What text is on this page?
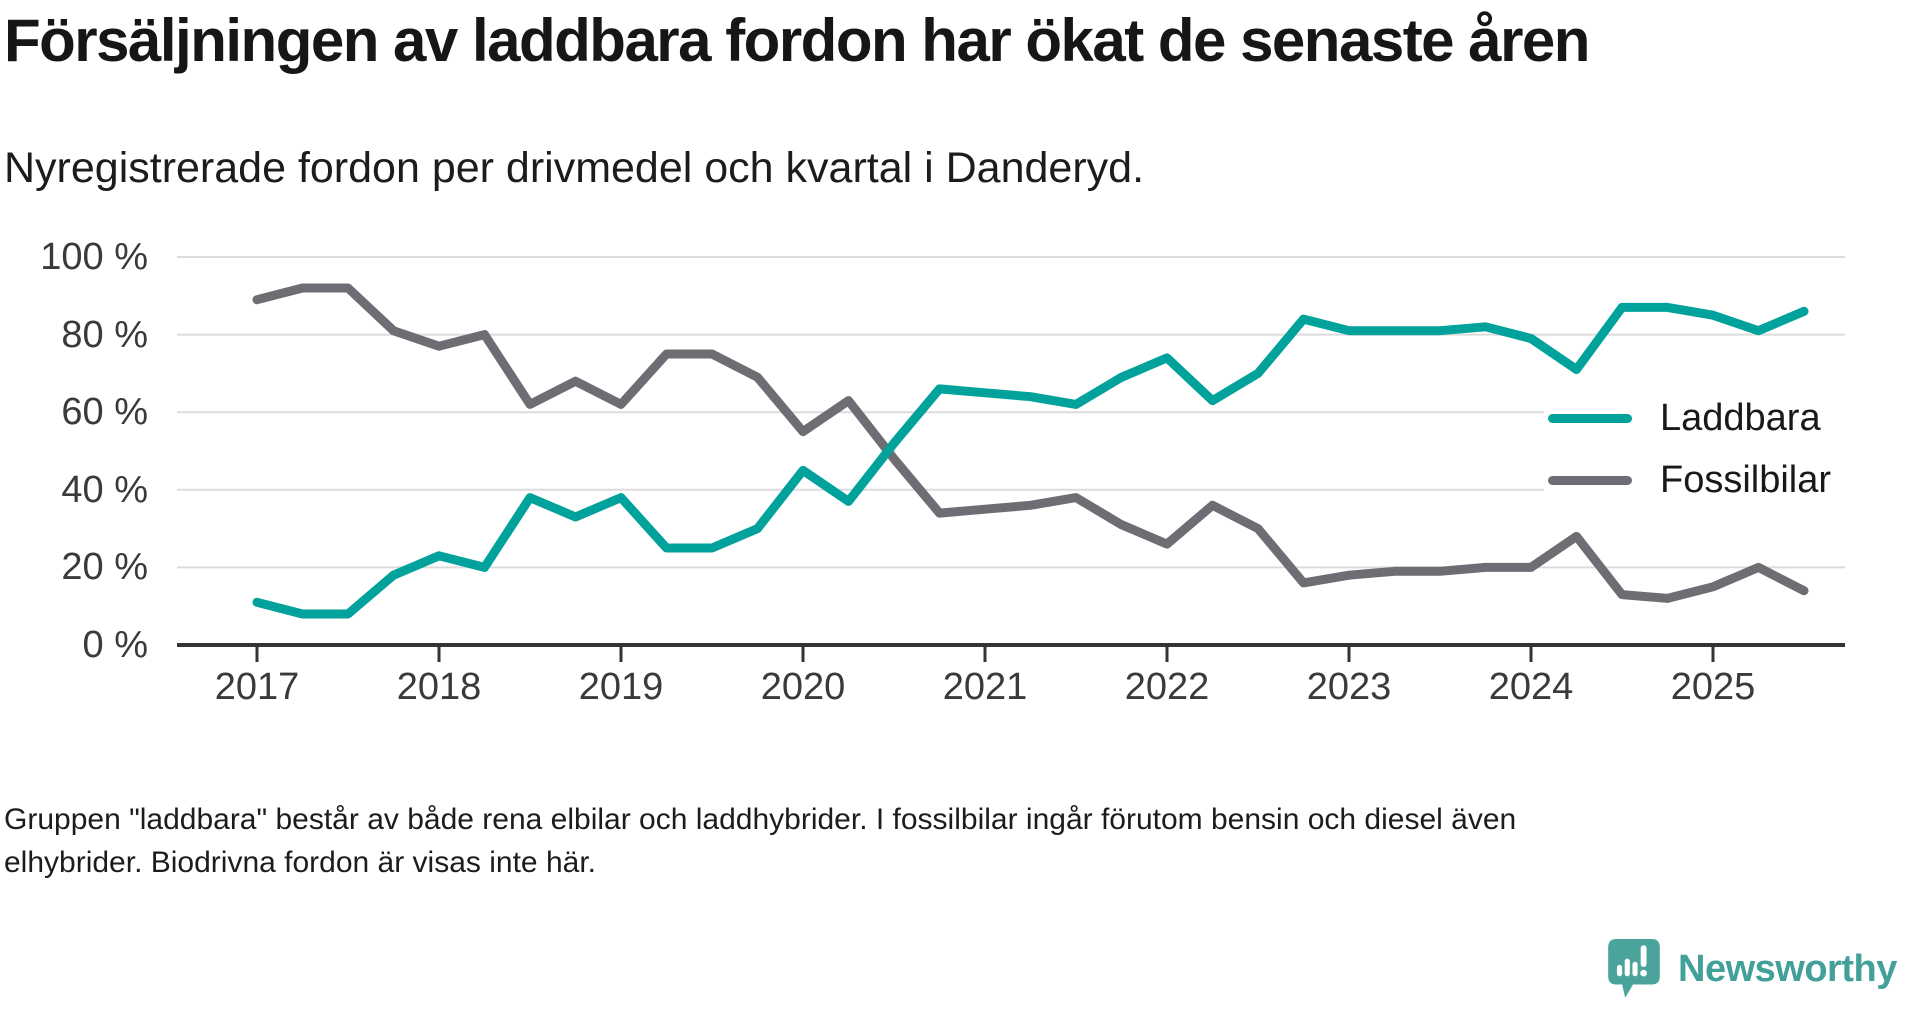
Försäljningen av laddbara fordon har ökat de senaste åren
Nyregistrerade fordon per drivmedel och kvartal i Danderyd.
0 %
20 %
40 %
60 %
80 %
100 %
2017	2018	2019	2020	2021	2022	2023	2024	2025
Laddbara
Fossilbilar
Gruppen "laddbara" består av både rena elbilar och laddhybrider. I fossilbilar ingår förutom bensin och diesel även
elhybrider. Biodrivna fordon är visas inte här.
Newsworthy
